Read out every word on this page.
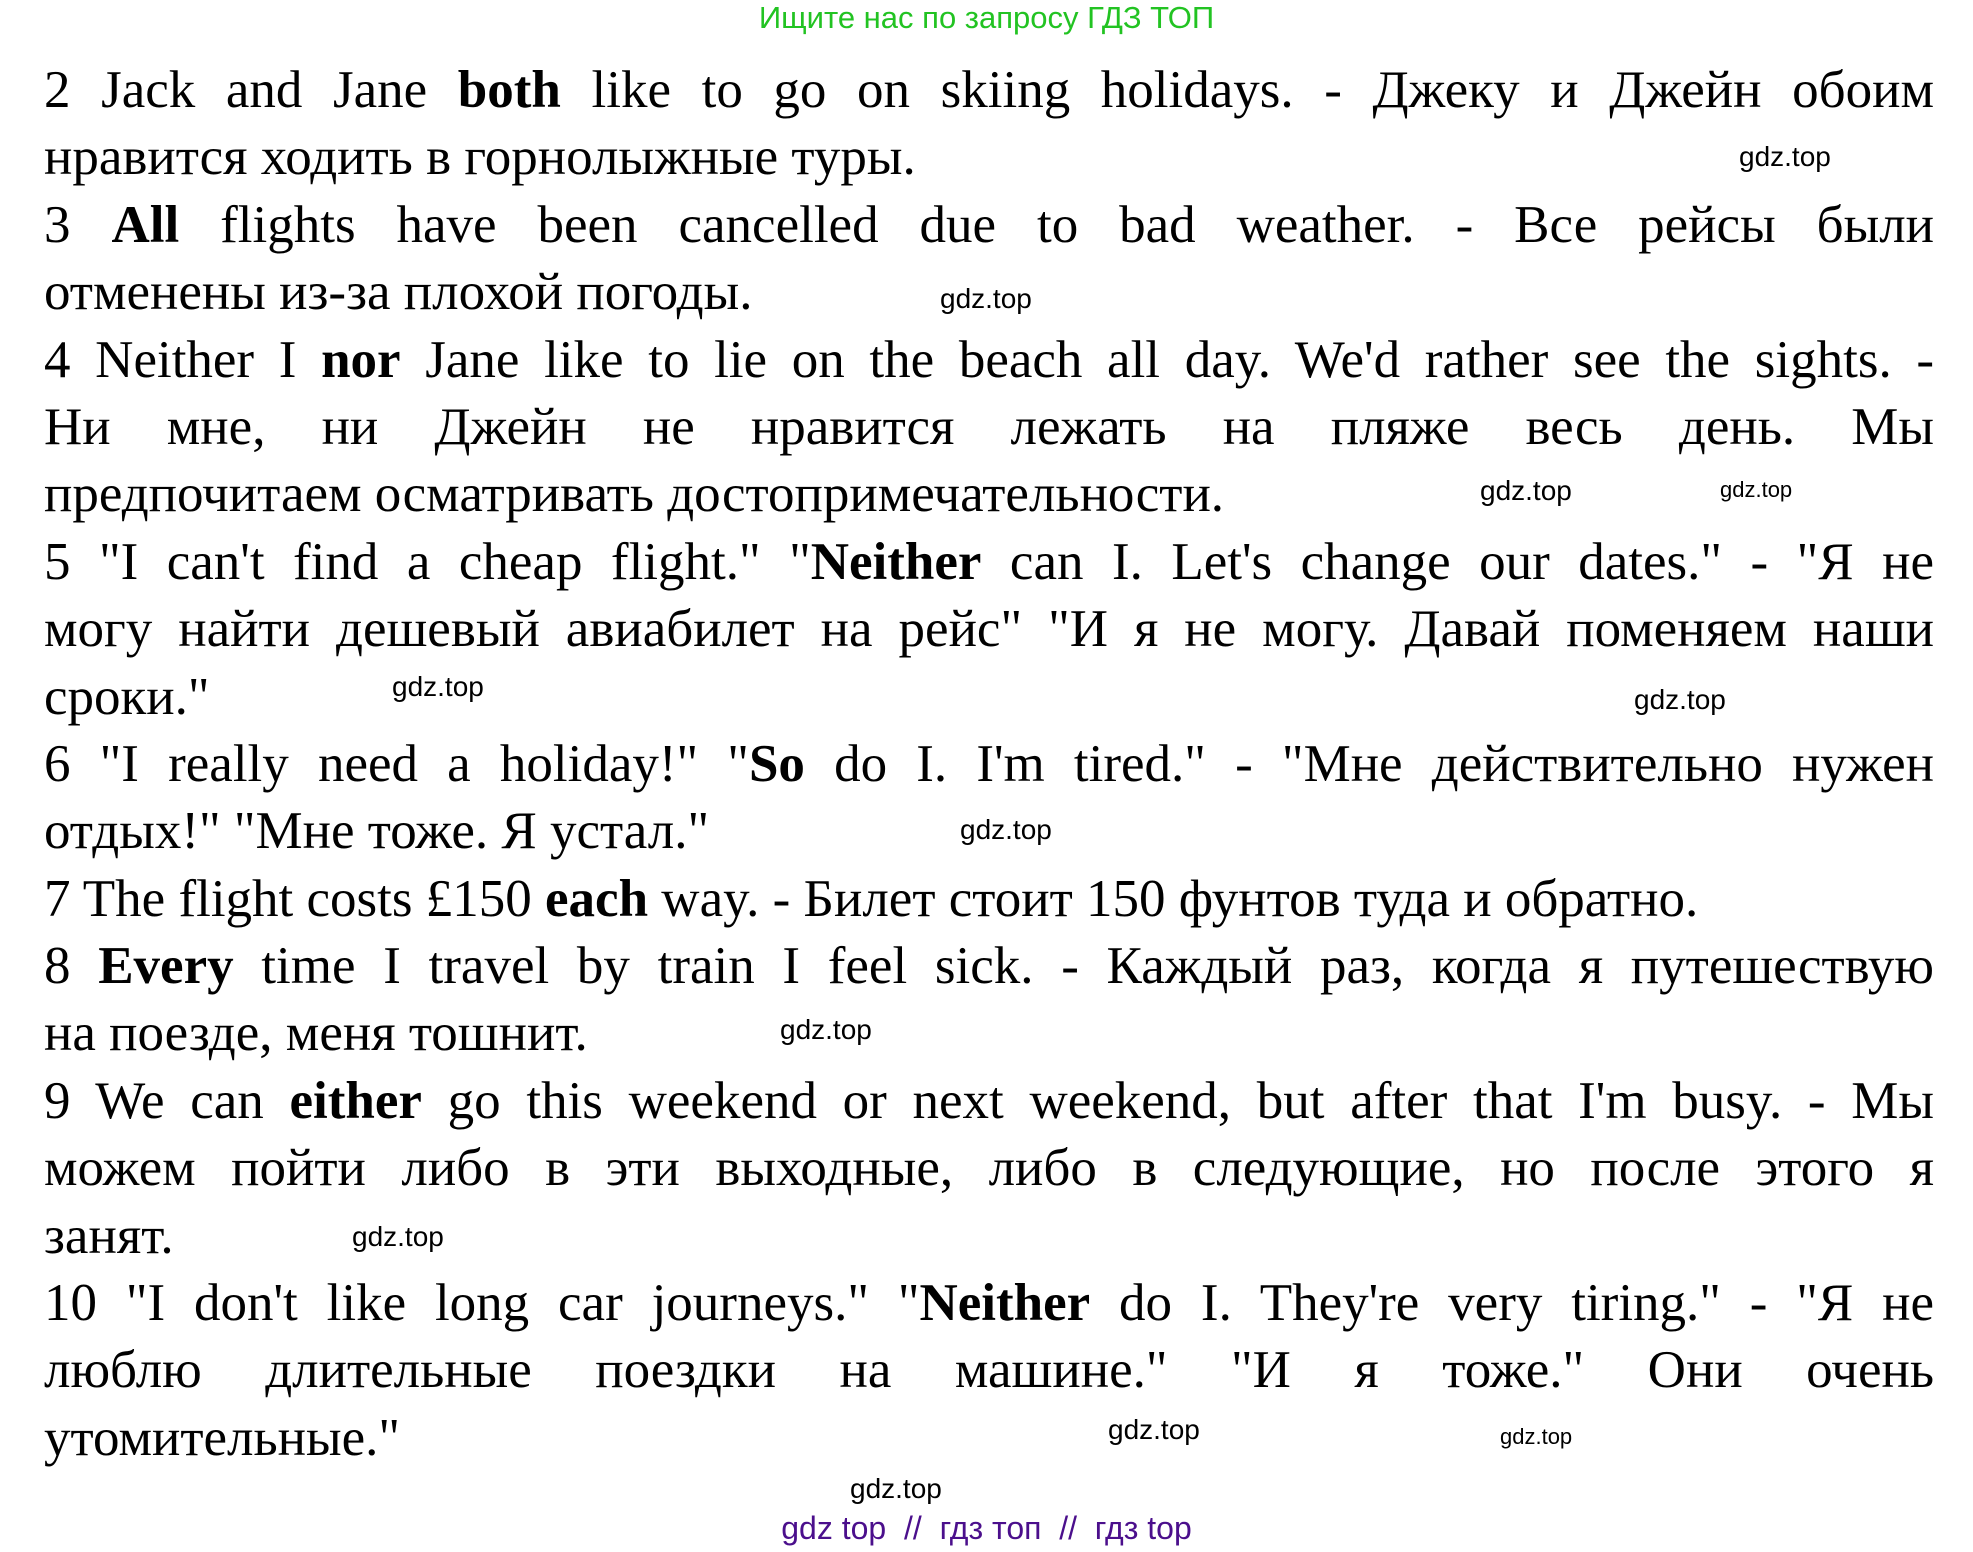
Ищите нас по запросу ГДЗ ТОП
2 Jack and Jane both like to go on skiing holidays. - Джеку и Джейн обоим
нравится ходить в горнолыжные туры.
3 All flights have been cancelled due to bad weather. - Все рейсы были
отменены из-за плохой погоды.
4 Neither I nor Jane like to lie on the beach all day. We'd rather see the sights. -
Ни мне, ни Джейн не нравится лежать на пляже весь день. Мы
предпочитаем осматривать достопримечательности.
5 "I can't find a cheap flight." "Neither can I. Let's change our dates." - "Я не
могу найти дешевый авиабилет на рейс" "И я не могу. Давай поменяем наши
сроки."
6 "I really need a holiday!" "So do I. I'm tired." - "Мне действительно нужен
отдых!" "Мне тоже. Я устал."
7 The flight costs £150 each way. - Билет стоит 150 фунтов туда и обратно.
8 Every time I travel by train I feel sick. - Каждый раз, когда я путешествую
на поезде, меня тошнит.
9 We can either go this weekend or next weekend, but after that I'm busy. - Мы
можем пойти либо в эти выходные, либо в следующие, но после этого я
занят.
10 "I don't like long car journeys." "Neither do I. They're very tiring." - "Я не
люблю длительные поездки на машине." "И я тоже." Они очень
утомительные."
gdz.top
gdz.top
gdz.top
gdz.top
gdz.top	gdz.top
gdz.top
gdz.top
gdz.top
gdz.top
gdz.top
gdz.top
gdz top  //  гдз топ  //  гдз top
